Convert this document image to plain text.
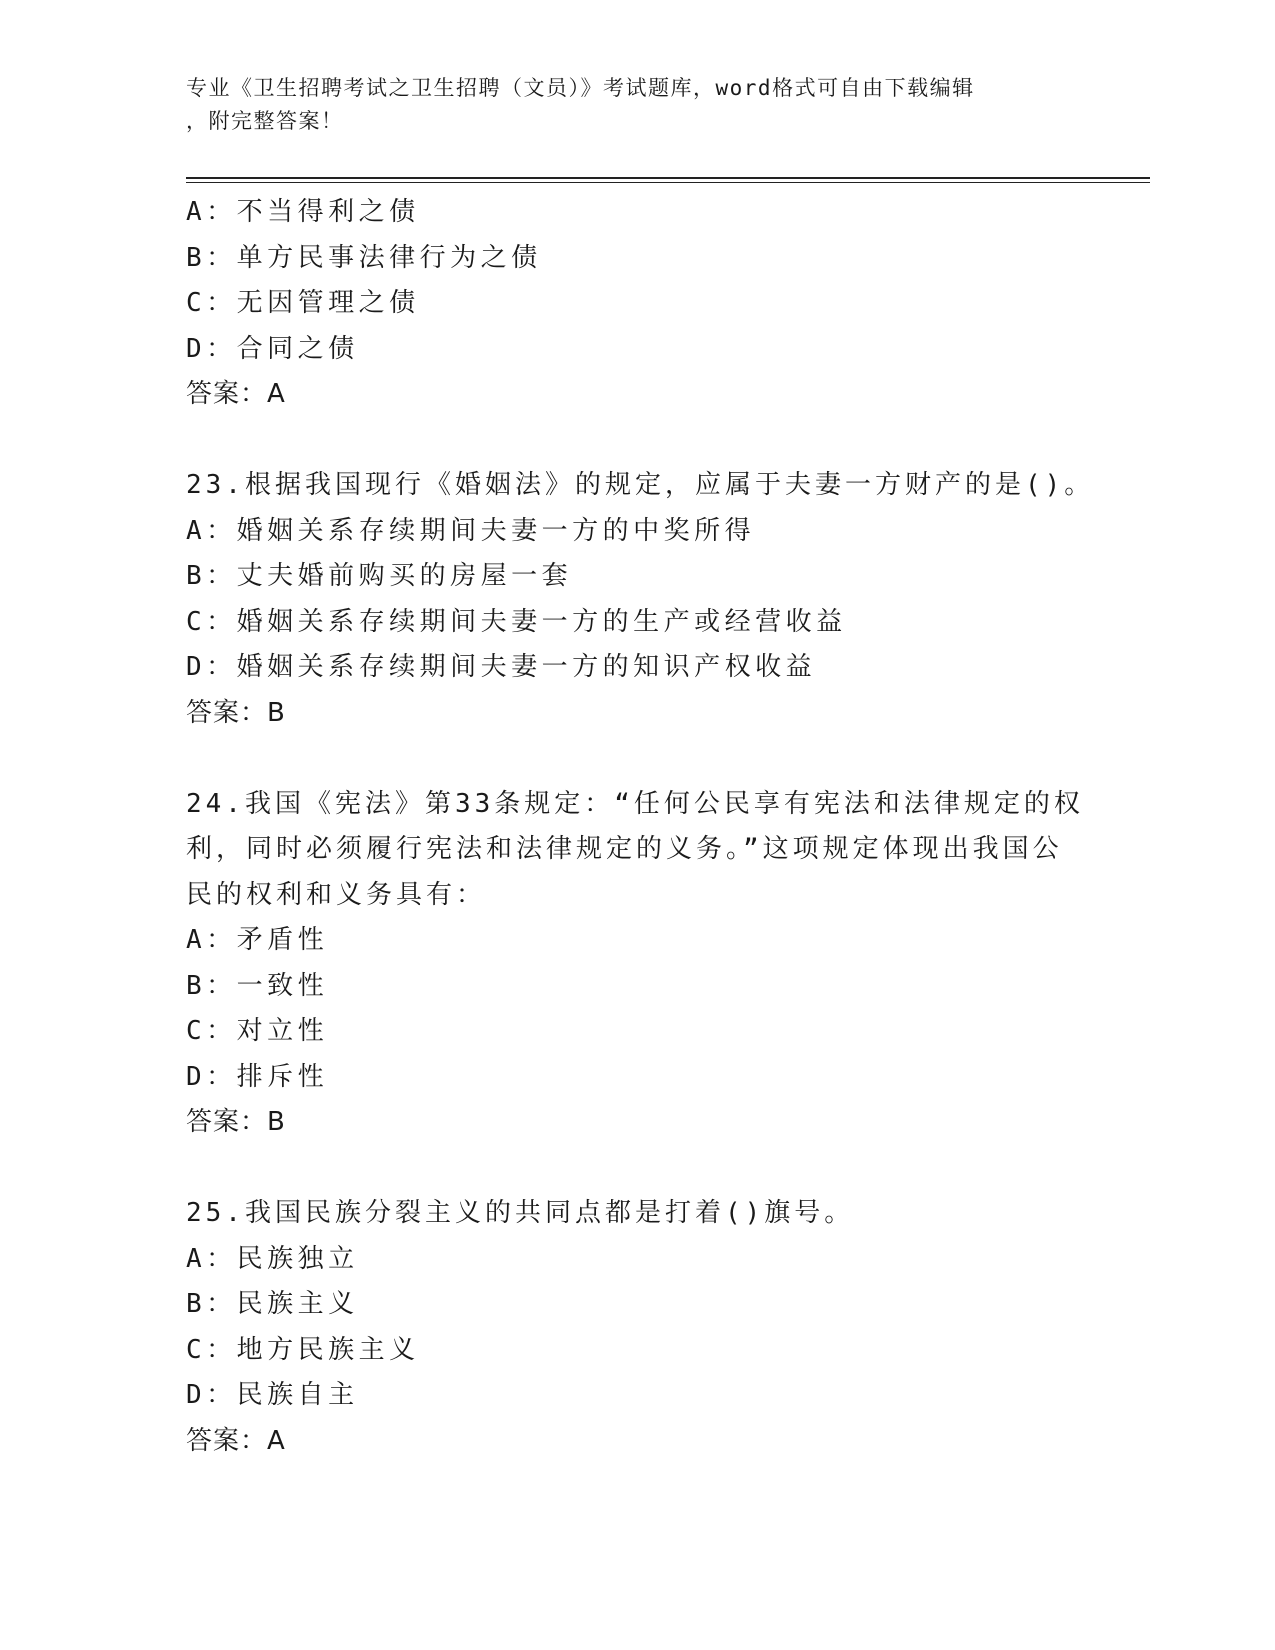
专业《卫生招聘考试之卫生招聘（文员）》考试题库，word格式可自由下载编辑

，附完整答案！

A：不当得利之债

B：单方民事法律行为之债

C：无因管理之债

D：合同之债

答案：A

23.根据我国现行《婚姻法》的规定，应属于夫妻一方财产的是()。

A：婚姻关系存续期间夫妻一方的中奖所得

B：丈夫婚前购买的房屋一套

C：婚姻关系存续期间夫妻一方的生产或经营收益

D：婚姻关系存续期间夫妻一方的知识产权收益

答案：B

24.我国《宪法》第33条规定：“任何公民享有宪法和法律规定的权

利，同时必须履行宪法和法律规定的义务。”这项规定体现出我国公

民的权利和义务具有：

A：矛盾性

B：一致性

C：对立性

D：排斥性

答案：B

25.我国民族分裂主义的共同点都是打着()旗号。

A：民族独立

B：民族主义

C：地方民族主义

D：民族自主

答案：A
